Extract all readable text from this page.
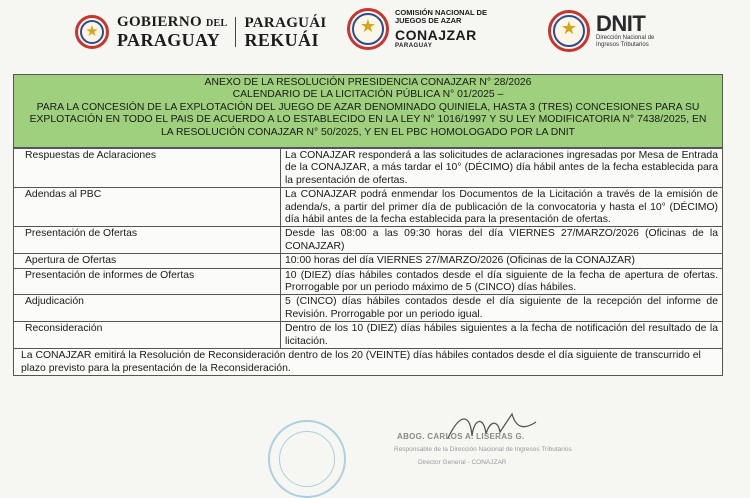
★	GOBIERNO DEL
PARAGUAY
PARAGUÁI
REKUÁI
★
COMISIÓN NACIONAL DE JUEGOS DE AZAR
CONAJZAR
PARAGUAY
★ DNIT
Dirección Nacional de Ingresos Tributarios
ANEXO DE LA RESOLUCIÓN PRESIDENCIA CONAJZAR N° 28/2026
CALENDARIO DE LA LICITACIÓN PÚBLICA N° 01/2025 –
PARA LA CONCESIÓN DE LA EXPLOTACIÓN DEL JUEGO DE AZAR DENOMINADO QUINIELA, HASTA 3 (TRES) CONCESIONES PARA SU
EXPLOTACIÓN EN TODO EL PAIS DE ACUERDO A LO ESTABLECIDO EN LA LEY N° 1016/1997 Y SU LEY MODIFICATORIA N° 7438/2025, EN
LA RESOLUCIÓN CONAJZAR N° 50/2025, Y EN EL PBC HOMOLOGADO POR LA DNIT
Respuestas de Aclaraciones	La CONAJZAR responderá a las solicitudes de aclaraciones ingresadas por Mesa de Entrada de la CONAJZAR, a más tardar el 10° (DÉCIMO) día hábil antes de la fecha establecida para la presentación de ofertas.
Adendas al PBC	La CONAJZAR podrá enmendar los Documentos de la Licitación a través de la emisión de adenda/s, a partir del primer día de publicación de la convocatoria y hasta el 10° (DÉCIMO) día hábil antes de la fecha establecida para la presentación de ofertas.
Presentación de Ofertas	Desde las 08:00 a las 09:30 horas del día VIERNES 27/MARZO/2026 (Oficinas de la CONAJZAR)
Apertura de Ofertas	10:00 horas del día VIERNES 27/MARZO/2026 (Oficinas de la CONAJZAR)
Presentación de informes de Ofertas	10 (DIEZ) días hábiles contados desde el día siguiente de la fecha de apertura de ofertas. Prorrogable por un periodo máximo de 5 (CINCO) días hábiles.
Adjudicación	5 (CINCO) días hábiles contados desde el día siguiente de la recepción del informe de Revisión. Prorrogable por un periodo igual.
Reconsideración	Dentro de los 10 (DIEZ) días hábiles siguientes a la fecha de notificación del resultado de la licitación.
La CONAJZAR emitirá la Resolución de Reconsideración dentro de los 20 (VEINTE) días hábiles contados desde el día siguiente de transcurrido el plazo previsto para la presentación de la Reconsideración.	
ABOG. CARLOS A. LISERAS G.
Responsable de la Dirección Nacional de Ingresos Tributarios
Director General - CONAJZAR
